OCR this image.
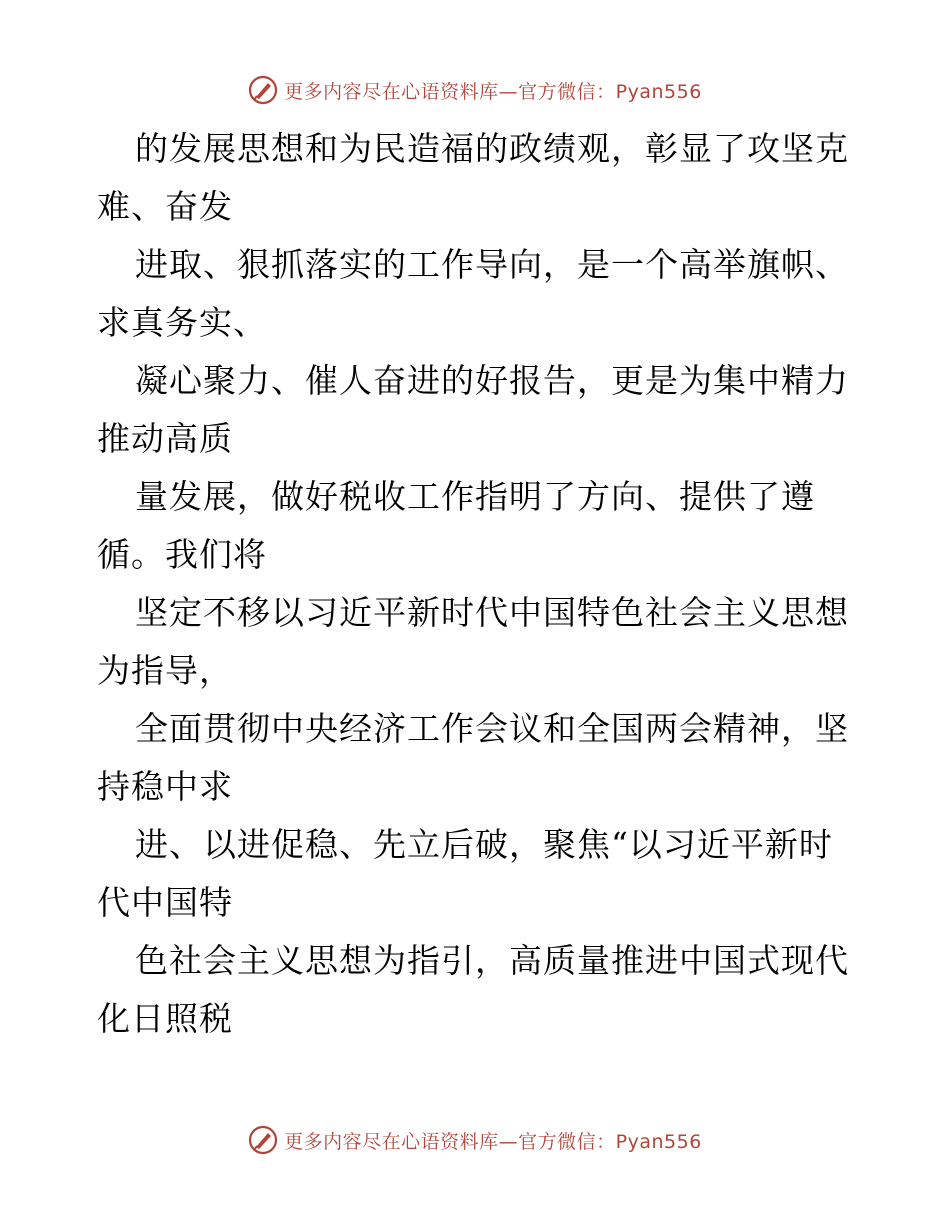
更多内容尽在心语资料库—官方微信：Pyan556
的发展思想和为民造福的政绩观，彰显了攻坚克
难、奋发
进取、狠抓落实的工作导向，是一个高举旗帜、
求真务实、
凝心聚力、催人奋进的好报告，更是为集中精力
推动高质
量发展，做好税收工作指明了方向、提供了遵
循。我们将
坚定不移以习近平新时代中国特色社会主义思想
为指导，
全面贯彻中央经济工作会议和全国两会精神，坚
持稳中求
进、以进促稳、先立后破，聚焦“以习近平新时
代中国特
色社会主义思想为指引，高质量推进中国式现代
化日照税
更多内容尽在心语资料库—官方微信：Pyan556
